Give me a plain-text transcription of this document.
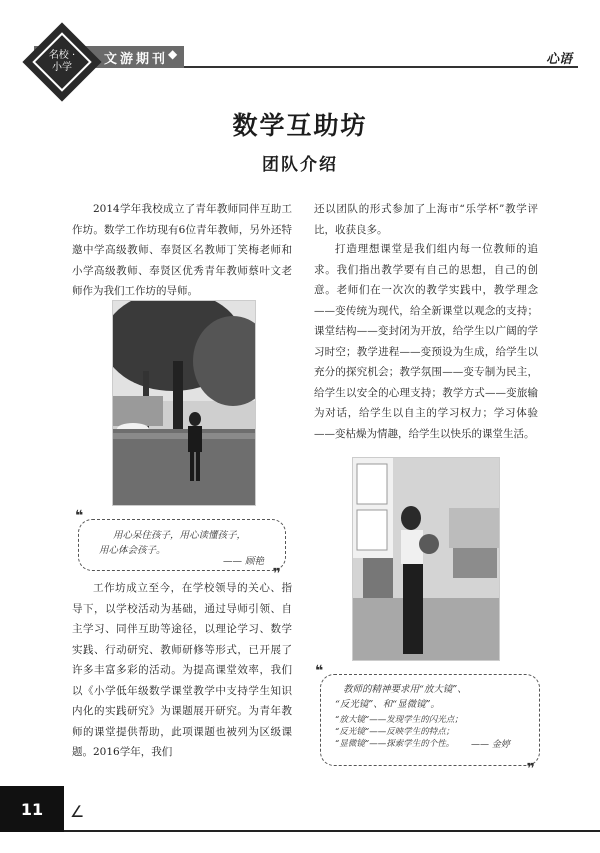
名校 · 小学
文游期刊 ◆	心语
数学互助坊
团队介绍

2014学年我校成立了青年教师同伴互助工作坊。数学工作坊现有6位青年教师，另外还特邀中学高级教师、奉贤区名教师丁笑梅老师和小学高级教师、奉贤区优秀青年教师蔡叶文老师作为我们工作坊的导师。

❝
用心呆住孩子，用心读懂孩子，
用心体会孩子。
—— 顾艳
❞

工作坊成立至今，在学校领导的关心、指导下，以学校活动为基础，通过导师引领、自主学习、同伴互助等途径，以理论学习、数学实践、行动研究、教师研修等形式，已开展了许多丰富多彩的活动。为提高课堂效率，我们以《小学低年级数学课堂教学中支持学生知识内化的实践研究》为课题展开研究。为青年教师的课堂提供帮助，此项课题也被列为区级课题。2016学年，我们

还以团队的形式参加了上海市“乐学杯”教学评比，收获良多。

打造理想课堂是我们组内每一位教师的追求。我们指出教学要有自己的思想，自己的创意。老师们在一次次的教学实践中，教学理念——变传统为现代，给全新课堂以观念的支持；课堂结构——变封闭为开放，给学生以广阔的学习时空；教学进程——变预设为生成，给学生以充分的探究机会；教学氛围——变专制为民主，给学生以安全的心理支持；教学方式——变旅输为对话，给学生以自主的学习权力；学习体验——变枯燥为情趣，给学生以快乐的课堂生活。

❝
教师的精神要求用“放大镜”、
“反光镜”、和“显微镜”。
“放大镜”——发现学生的闪光点；
“反光镜”——反映学生的特点；
“显微镜”——探索学生的个性。 —— 金婷
❞
11	∠
